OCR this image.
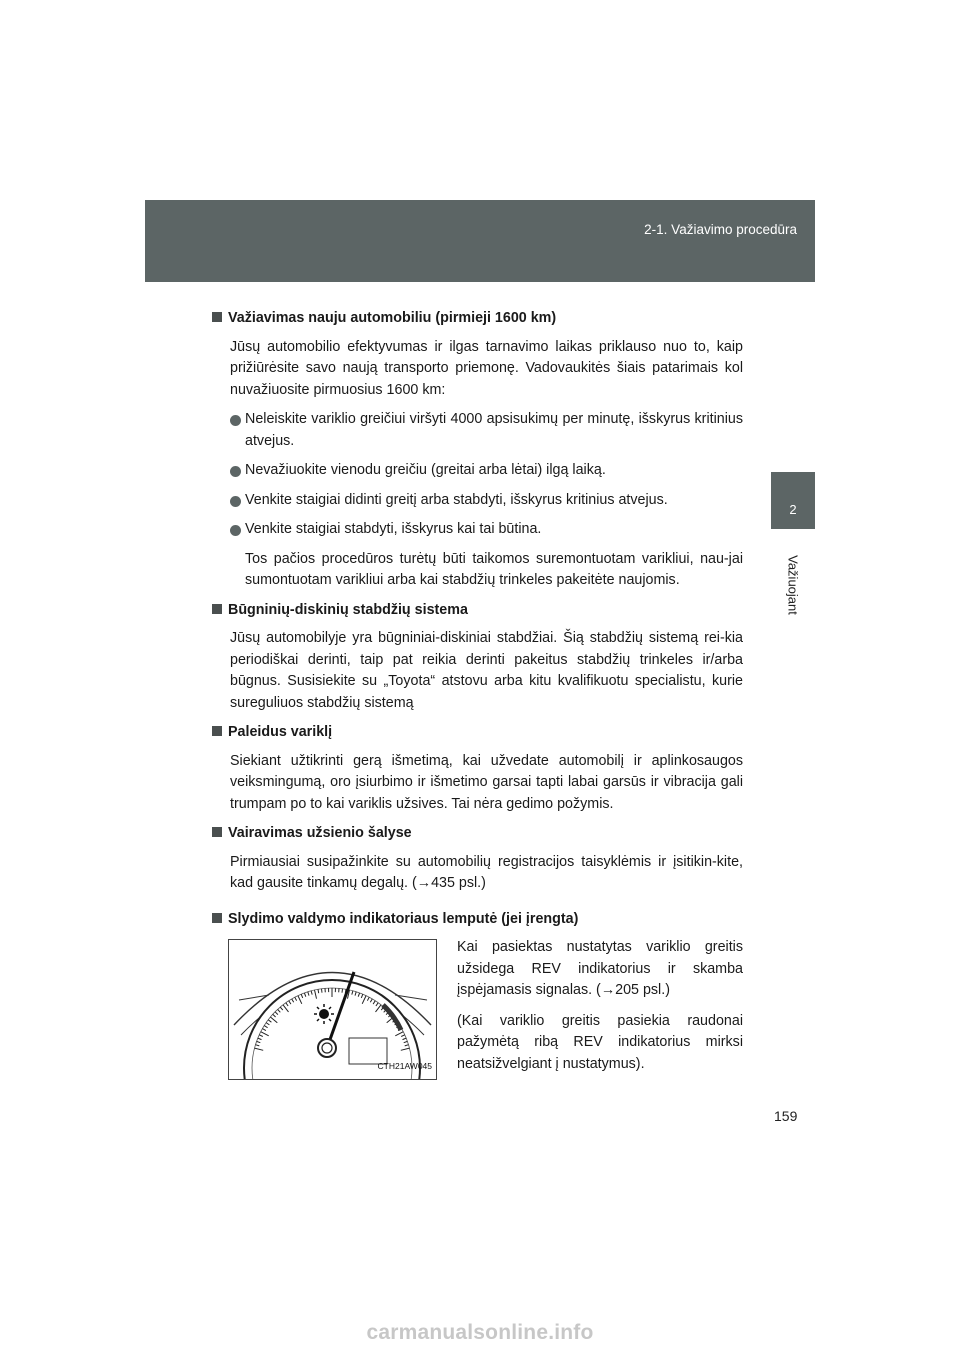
2-1. Važiavimo procedūra
2
Važiuojant
Važiavimas nauju automobiliu (pirmieji 1600 km)
Jūsų automobilio efektyvumas ir ilgas tarnavimo laikas priklauso nuo to, kaip prižiūrėsite savo naują transporto priemonę. Vadovaukitės šiais patarimais kol nuvažiuosite pirmuosius 1600 km:
Neleiskite variklio greičiui viršyti 4000 apsisukimų per minutę, išskyrus kritinius atvejus.
Nevažiuokite vienodu greičiu (greitai arba lėtai) ilgą laiką.
Venkite staigiai didinti greitį arba stabdyti, išskyrus kritinius atvejus.
Venkite staigiai stabdyti, išskyrus kai tai būtina.
Tos pačios procedūros turėtų būti taikomos suremontuotam varikliui, nau-jai sumontuotam varikliui arba kai stabdžių trinkeles pakeitėte naujomis.
Būgninių-diskinių stabdžių sistema
Jūsų automobilyje yra būgniniai-diskiniai stabdžiai. Šią stabdžių sistemą rei-kia periodiškai derinti, taip pat reikia derinti pakeitus stabdžių trinkeles ir/arba būgnus. Susisiekite su „Toyota“ atstovu arba kitu kvalifikuotu specialistu, kurie sureguliuos stabdžių sistemą
Paleidus variklį
Siekiant užtikrinti gerą išmetimą, kai užvedate automobilį ir aplinkosaugos veiksmingumą, oro įsiurbimo ir išmetimo garsai tapti labai garsūs ir vibracija gali trumpam po to kai variklis užsives. Tai nėra gedimo požymis.
Vairavimas užsienio šalyse
Pirmiausiai susipažinkite su automobilių registracijos taisyklėmis ir įsitikin-kite, kad gausite tinkamų degalų. (→435 psl.)
Slydimo valdymo indikatoriaus lemputė (jei įrengta)
CTH21AW045

Kai pasiektas nustatytas variklio greitis užsidega REV indikatorius ir skamba įspėjamasis signalas. (→205 psl.)

(Kai variklio greitis pasiekia raudonai pažymėtą ribą REV indikatorius mirksi neatsižvelgiant į nustatymus).

159
carmanualsonline.info
